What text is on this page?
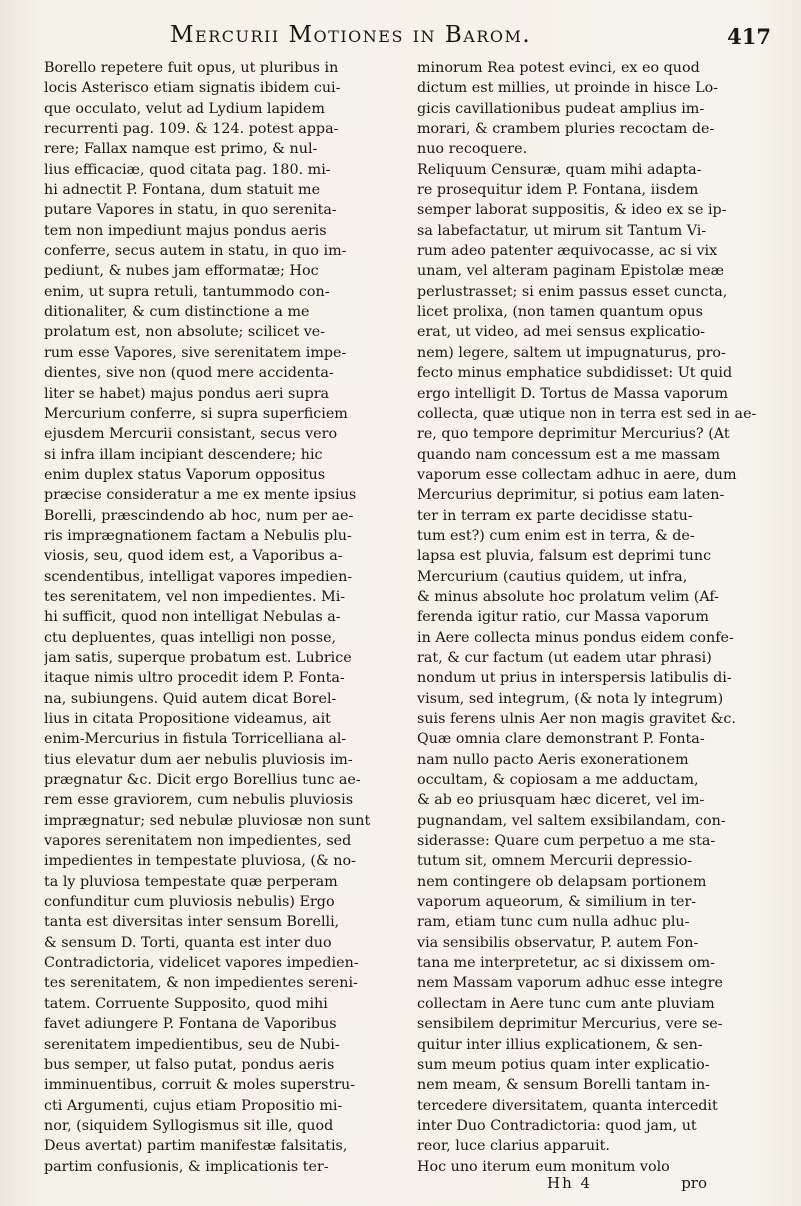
Mercurii Motiones in Barom.	417
Borello repetere fuit opus, ut pluribus in
locis Asterisco etiam signatis ibidem cui-
que occulato, velut ad Lydium lapidem
recurrenti pag. 109. & 124. potest appa-
rere; Fallax namque est primo, & nul-
lius efficaciæ, quod citata pag. 180. mi-
hi adnectit P. Fontana, dum statuit me
putare Vapores in statu, in quo serenita-
tem non impediunt majus pondus aeris
conferre, secus autem in statu, in quo im-
pediunt, & nubes jam efformatæ; Hoc
enim, ut supra retuli, tantummodo con-
ditionaliter, & cum distinctione a me
prolatum est, non absolute; scilicet ve-
rum esse Vapores, sive serenitatem impe-
dientes, sive non (quod mere accidenta-
liter se habet) majus pondus aeri supra
Mercurium conferre, si supra superficiem
ejusdem Mercurii consistant, secus vero
si infra illam incipiant descendere; hic
enim duplex status Vaporum oppositus
præcise consideratur a me ex mente ipsius
Borelli, præscindendo ab hoc, num per ae-
ris imprægnationem factam a Nebulis plu-
viosis, seu, quod idem est, a Vaporibus a-
scendentibus, intelligat vapores impedien-
tes serenitatem, vel non impedientes. Mi-
hi sufficit, quod non intelligat Nebulas a-
ctu depluentes, quas intelligi non posse,
jam satis, superque probatum est. Lubrice
itaque nimis ultro procedit idem P. Fonta-
na, subiungens. Quid autem dicat Borel-
lius in citata Propositione videamus, ait
enim-Mercurius in fistula Torricelliana al-
tius elevatur dum aer nebulis pluviosis im-
prægnatur &c. Dicit ergo Borellius tunc ae-
rem esse graviorem, cum nebulis pluviosis
imprægnatur; sed nebulæ pluviosæ non sunt
vapores serenitatem non impedientes, sed
impedientes in tempestate pluviosa, (& no-
ta ly pluviosa tempestate quæ perperam
confunditur cum pluviosis nebulis) Ergo
tanta est diversitas inter sensum Borelli,
& sensum D. Torti, quanta est inter duo
Contradictoria, videlicet vapores impedien-
tes serenitatem, & non impedientes sereni-
tatem. Corruente Supposito, quod mihi
favet adiungere P. Fontana de Vaporibus
serenitatem impedientibus, seu de Nubi-
bus semper, ut falso putat, pondus aeris
imminuentibus, corruit & moles superstru-
cti Argumenti, cujus etiam Propositio mi-
nor, (siquidem Syllogismus sit ille, quod
Deus avertat) partim manifestæ falsitatis,
partim confusionis, & implicationis ter-
minorum Rea potest evinci, ex eo quod
dictum est millies, ut proinde in hisce Lo-
gicis cavillationibus pudeat amplius im-
morari, & crambem pluries recoctam de-
nuo recoquere.
Reliquum Censuræ, quam mihi adapta-
re prosequitur idem P. Fontana, iisdem
semper laborat suppositis, & ideo ex se ip-
sa labefactatur, ut mirum sit Tantum Vi-
rum adeo patenter æquivocasse, ac si vix
unam, vel alteram paginam Epistolæ meæ
perlustrasset; si enim passus esset cuncta,
licet prolixa, (non tamen quantum opus
erat, ut video, ad mei sensus explicatio-
nem) legere, saltem ut impugnaturus, pro-
fecto minus emphatice subdidisset: Ut quid
ergo intelligit D. Tortus de Massa vaporum
collecta, quæ utique non in terra est sed in ae-
re, quo tempore deprimitur Mercurius? (At
quando nam concessum est a me massam
vaporum esse collectam adhuc in aere, dum
Mercurius deprimitur, si potius eam laten-
ter in terram ex parte decidisse statu-
tum est?) cum enim est in terra, & de-
lapsa est pluvia, falsum est deprimi tunc
Mercurium (cautius quidem, ut infra,
& minus absolute hoc prolatum velim (Af-
ferenda igitur ratio, cur Massa vaporum
in Aere collecta minus pondus eidem confe-
rat, & cur factum (ut eadem utar phrasi)
nondum ut prius in interspersis latibulis di-
visum, sed integrum, (& nota ly integrum)
suis ferens ulnis Aer non magis gravitet &c.
Quæ omnia clare demonstrant P. Fonta-
nam nullo pacto Aeris exonerationem
occultam, & copiosam a me adductam,
& ab eo priusquam hæc diceret, vel im-
pugnandam, vel saltem exsibilandam, con-
siderasse: Quare cum perpetuo a me sta-
tutum sit, omnem Mercurii depressio-
nem contingere ob delapsam portionem
vaporum aqueorum, & similium in ter-
ram, etiam tunc cum nulla adhuc plu-
via sensibilis observatur, P. autem Fon-
tana me interpretetur, ac si dixissem om-
nem Massam vaporum adhuc esse integre
collectam in Aere tunc cum ante pluviam
sensibilem deprimitur Mercurius, vere se-
quitur inter illius explicationem, & sen-
sum meum potius quam inter explicatio-
nem meam, & sensum Borelli tantam in-
tercedere diversitatem, quanta intercedit
inter Duo Contradictoria: quod jam, ut
reor, luce clarius apparuit.
Hoc uno iterum eum monitum volo
Hh 4	pro
